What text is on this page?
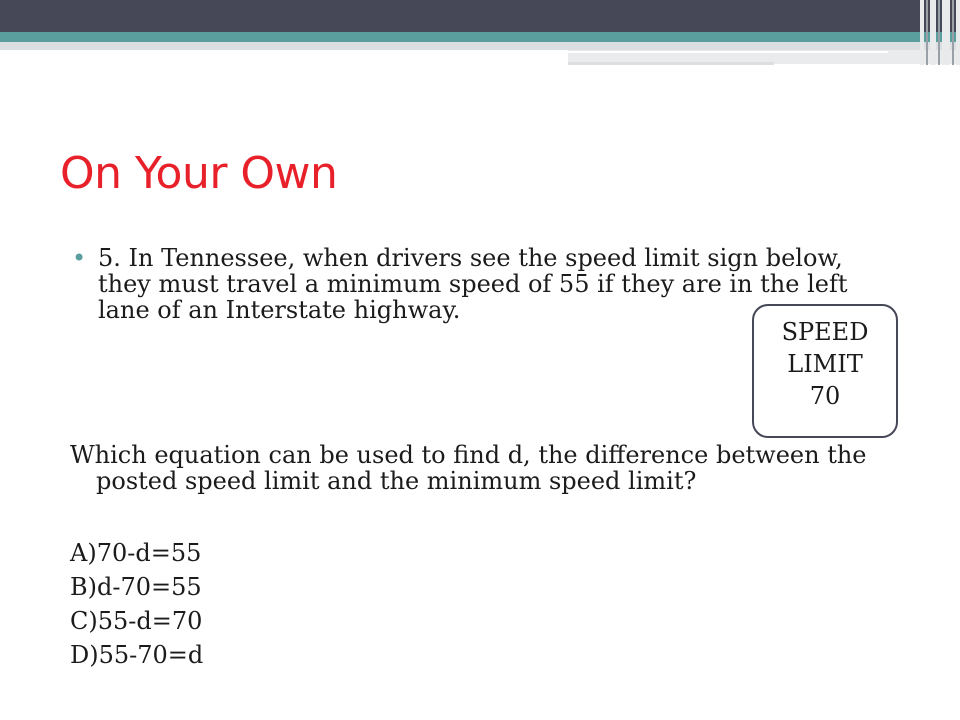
On Your Own
• 5. In Tennessee, when drivers see the speed limit sign below, they must travel a minimum speed of 55 if they are in the left lane of an Interstate highway.
SPEED
LIMIT
70
Which equation can be used to find d, the difference between the posted speed limit and the minimum speed limit?
A)70-d=55
B)d-70=55
C)55-d=70
D)55-70=d
